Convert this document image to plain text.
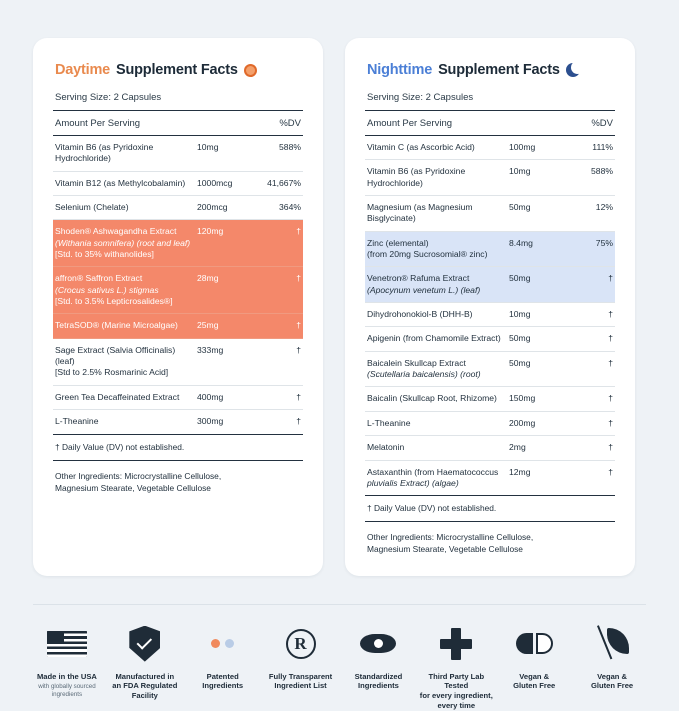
Daytime Supplement Facts
Serving Size: 2 Capsules
Amount Per Serving	%DV
Vitamin B6 (as Pyridoxine Hydrochloride)
10mg	588%
Vitamin B12 (as Methylcobalamin)	1000mcg	41,667%
Selenium (Chelate)	200mcg	364%
Shoden® Ashwagandha Extract
(Withania somnifera) (root and leaf)
[Std. to 35% withanolides]
120mg	†
affron® Saffron Extract
(Crocus sativus L.) stigmas
[Std. to 3.5% Lepticrosalides®]
28mg	†
TetraSOD® (Marine Microalgae)	25mg	†
Sage Extract (Salvia Officinalis) (leaf)
[Std to 2.5% Rosmarinic Acid]
333mg	†
Green Tea Decaffeinated Extract	400mg	†
L-Theanine	300mg	†
† Daily Value (DV) not established.
Other Ingredients: Microcrystalline Cellulose,
Magnesium Stearate, Vegetable Cellulose
Nighttime Supplement Facts
Serving Size: 2 Capsules
Amount Per Serving	%DV
Vitamin C (as Ascorbic Acid)	100mg	111%
Vitamin B6 (as Pyridoxine Hydrochloride)
10mg	588%
Magnesium (as Magnesium Bisglycinate)
50mg	12%
Zinc (elemental)
(from 20mg Sucrosomial® zinc)
8.4mg	75%
Venetron® Rafuma Extract
(Apocynum venetum L.) (leaf)
50mg	†
Dihydrohonokiol-B (DHH-B)	10mg	†
Apigenin (from Chamomile Extract) 50mg	†
Baicalein Skullcap Extract
(Scutellaria baicalensis) (root)
50mg	†
Baicalin (Skullcap Root, Rhizome)	150mg	†
L-Theanine	200mg	†
Melatonin	2mg	†
Astaxanthin (from Haematococcus
pluvialis Extract) (algae)
12mg	†
† Daily Value (DV) not established.
Other Ingredients: Microcrystalline Cellulose,
Magnesium Stearate, Vegetable Cellulose
Made in the USA
with globally sourced ingredients
Manufactured in
an FDA Regulated
Facility
Patented
Ingredients
R
Fully Transparent
Ingredient List
Standardized
Ingredients
Third Party Lab Tested
for every ingredient,
every time
Vegan &
Gluten Free
Vegan &
Gluten Free
